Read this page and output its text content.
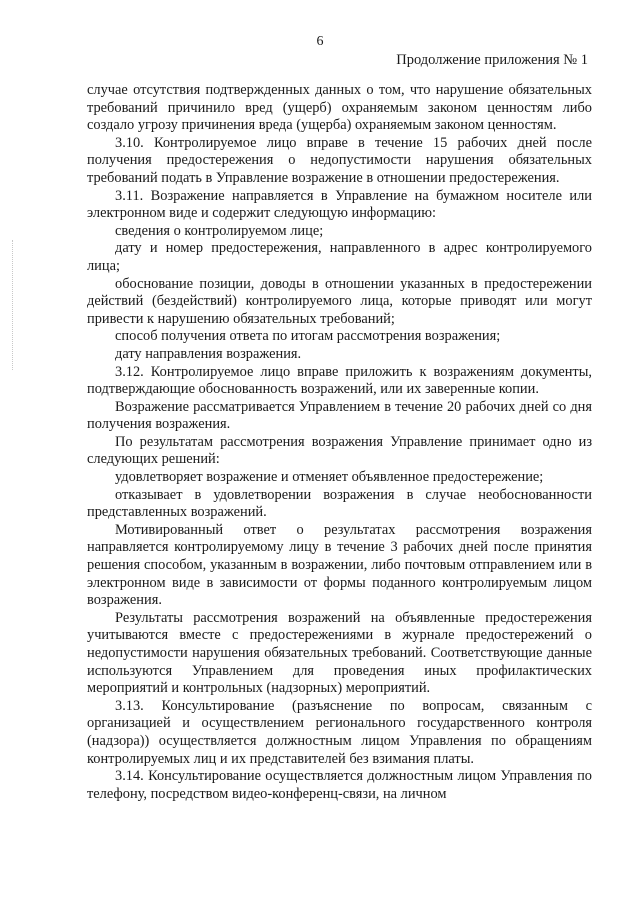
6
Продолжение приложения № 1

случае отсутствия подтвержденных данных о том, что нарушение обязательных требований причинило вред (ущерб) охраняемым законом ценностям либо создало угрозу причинения вреда (ущерба) охраняемым законом ценностям.

3.10. Контролируемое лицо вправе в течение 15 рабочих дней после получения предостережения о недопустимости нарушения обязательных требований подать в Управление возражение в отношении предостережения.

3.11. Возражение направляется в Управление на бумажном носителе или электронном виде и содержит следующую информацию:

сведения о контролируемом лице;

дату и номер предостережения, направленного в адрес контролируемого лица;

обоснование позиции, доводы в отношении указанных в предостережении действий (бездействий) контролируемого лица, которые приводят или могут привести к нарушению обязательных требований;

способ получения ответа по итогам рассмотрения возражения;

дату направления возражения.

3.12. Контролируемое лицо вправе приложить к возражениям документы, подтверждающие обоснованность возражений, или их заверенные копии.

Возражение рассматривается Управлением в течение 20 рабочих дней со дня получения возражения.

По результатам рассмотрения возражения Управление принимает одно из следующих решений:

удовлетворяет возражение и отменяет объявленное предостережение;

отказывает в удовлетворении возражения в случае необоснованности представленных возражений.

Мотивированный ответ о результатах рассмотрения возражения направляется контролируемому лицу в течение 3 рабочих дней после принятия решения способом, указанным в возражении, либо почтовым отправлением или в электронном виде в зависимости от формы поданного контролируемым лицом возражения.

Результаты рассмотрения возражений на объявленные предостережения учитываются вместе с предостережениями в журнале предостережений о недопустимости нарушения обязательных требований. Соответствующие данные используются Управлением для проведения иных профилактических мероприятий и контрольных (надзорных) мероприятий.

3.13. Консультирование (разъяснение по вопросам, связанным с организацией и осуществлением регионального государственного контроля (надзора)) осуществляется должностным лицом Управления по обращениям контролируемых лиц и их представителей без взимания платы.

3.14. Консультирование осуществляется должностным лицом Управления по телефону, посредством видео-конференц-связи, на личном
